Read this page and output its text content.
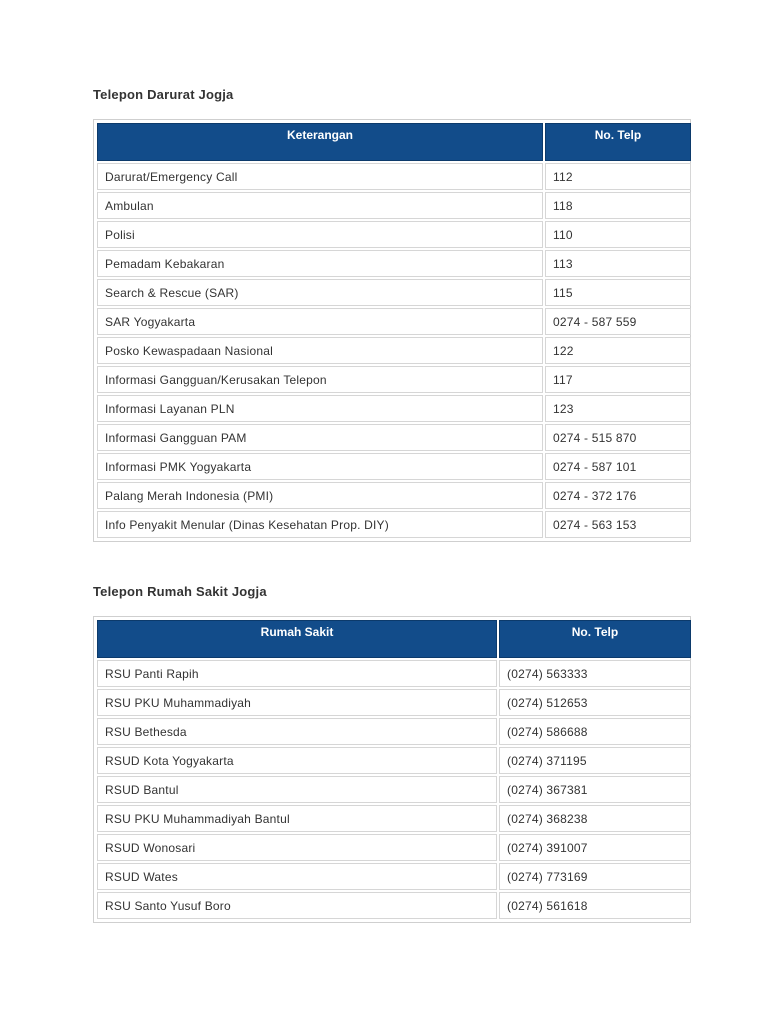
Telepon Darurat Jogja
Keterangan	No. Telp
Darurat/Emergency Call	112
Ambulan	118
Polisi	110
Pemadam Kebakaran	113
Search & Rescue (SAR)	115
SAR Yogyakarta	0274 - 587 559
Posko Kewaspadaan Nasional	122
Informasi Gangguan/Kerusakan Telepon	117
Informasi Layanan PLN	123
Informasi Gangguan PAM	0274 - 515 870
Informasi PMK Yogyakarta	0274 - 587 101
Palang Merah Indonesia (PMI)	0274 - 372 176
Info Penyakit Menular (Dinas Kesehatan Prop. DIY)	0274 - 563 153
Telepon Rumah Sakit Jogja
Rumah Sakit	No. Telp
RSU Panti Rapih	(0274) 563333
RSU PKU Muhammadiyah	(0274) 512653
RSU Bethesda	(0274) 586688
RSUD Kota Yogyakarta	(0274) 371195
RSUD Bantul	(0274) 367381
RSU PKU Muhammadiyah Bantul	(0274) 368238
RSUD Wonosari	(0274) 391007
RSUD Wates	(0274) 773169
RSU Santo Yusuf Boro	(0274) 561618
